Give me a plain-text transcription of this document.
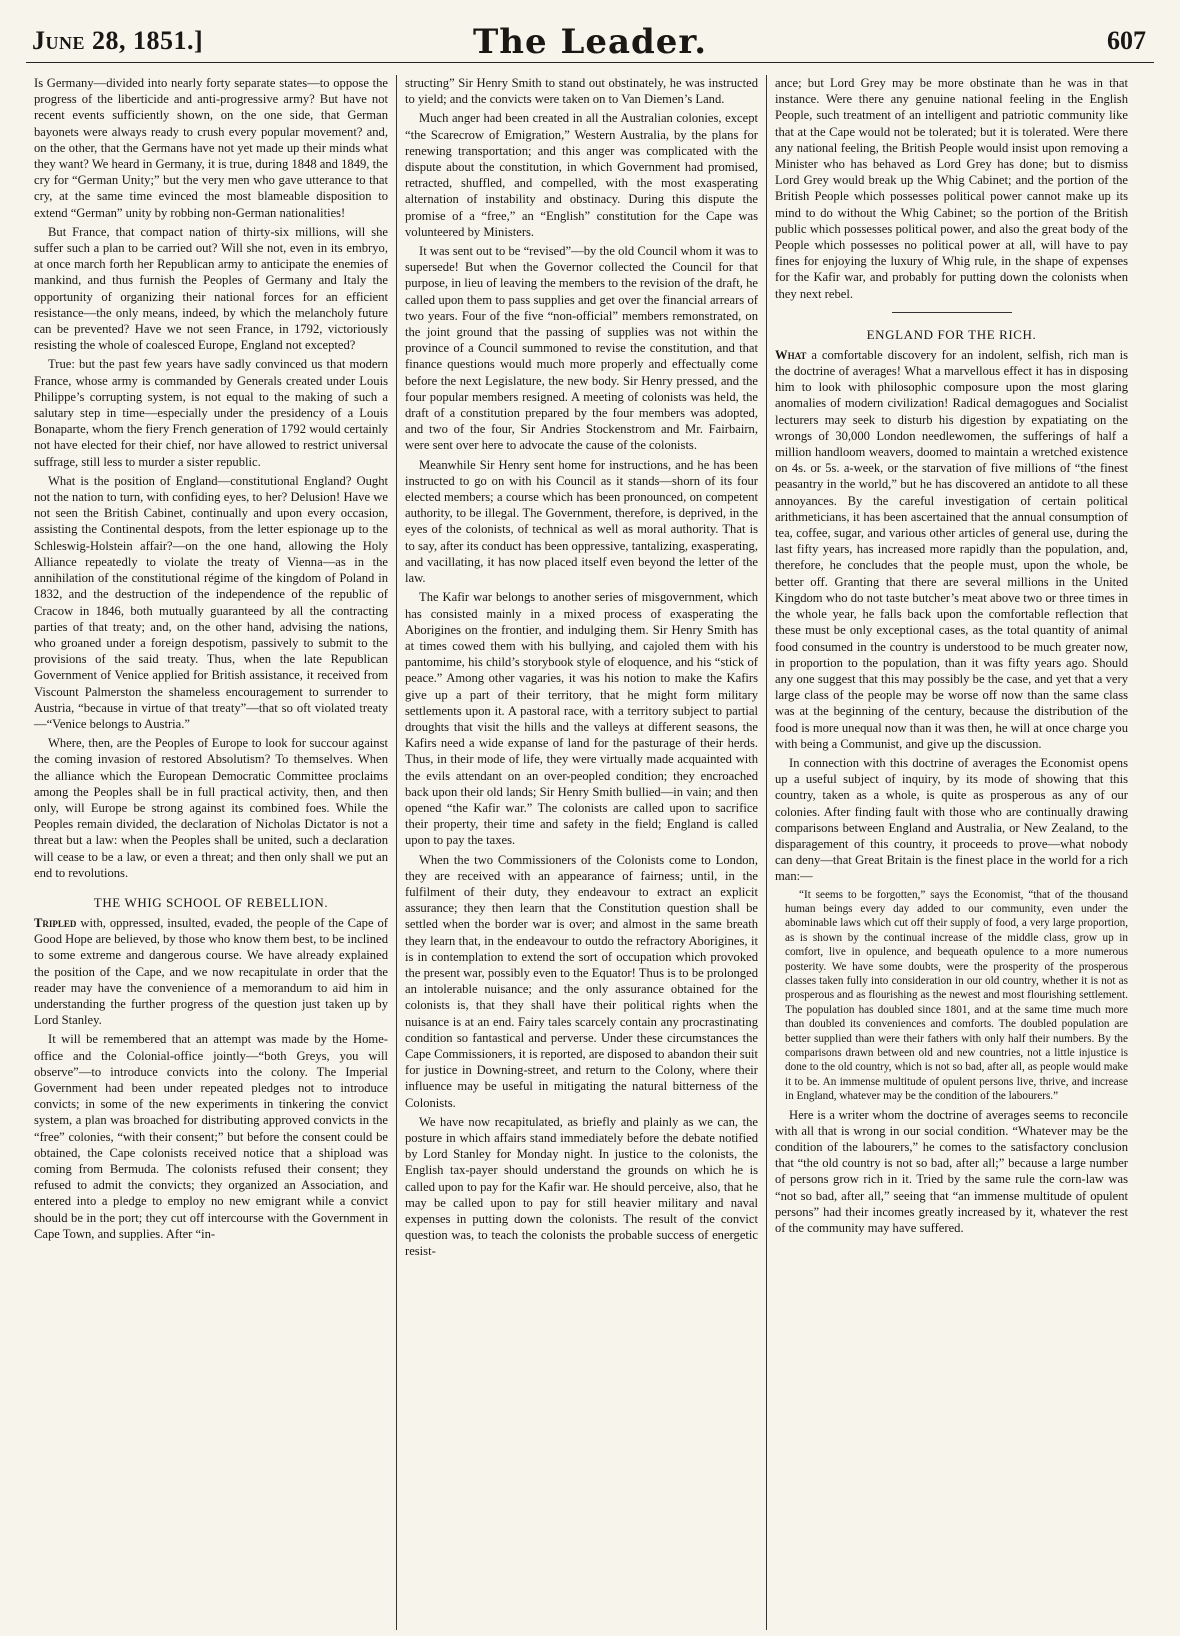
June 28, 1851.]	The Leader.	607

Is Germany—divided into nearly forty separate states—to oppose the progress of the liberticide and anti-progressive army? But have not recent events sufficiently shown, on the one side, that German bayonets were always ready to crush every popular movement? and, on the other, that the Germans have not yet made up their minds what they want? We heard in Germany, it is true, during 1848 and 1849, the cry for “German Unity;” but the very men who gave utterance to that cry, at the same time evinced the most blameable disposition to extend “German” unity by robbing non-German nationalities!

But France, that compact nation of thirty-six millions, will she suffer such a plan to be carried out? Will she not, even in its embryo, at once march forth her Republican army to anticipate the enemies of mankind, and thus furnish the Peoples of Germany and Italy the opportunity of organizing their national forces for an efficient resistance—the only means, indeed, by which the melancholy future can be prevented? Have we not seen France, in 1792, victoriously resisting the whole of coalesced Europe, England not excepted?

True: but the past few years have sadly convinced us that modern France, whose army is commanded by Generals created under Louis Philippe’s corrupting system, is not equal to the making of such a salutary step in time—especially under the presidency of a Louis Bonaparte, whom the fiery French generation of 1792 would certainly not have elected for their chief, nor have allowed to restrict universal suffrage, still less to murder a sister republic.

What is the position of England—constitutional England? Ought not the nation to turn, with confiding eyes, to her? Delusion! Have we not seen the British Cabinet, continually and upon every occasion, assisting the Continental despots, from the letter espionage up to the Schleswig-Holstein affair?—on the one hand, allowing the Holy Alliance repeatedly to violate the treaty of Vienna—as in the annihilation of the constitutional régime of the kingdom of Poland in 1832, and the destruction of the independence of the republic of Cracow in 1846, both mutually guaranteed by all the contracting parties of that treaty; and, on the other hand, advising the nations, who groaned under a foreign despotism, passively to submit to the provisions of the said treaty. Thus, when the late Republican Government of Venice applied for British assistance, it received from Viscount Palmerston the shameless encouragement to surrender to Austria, “because in virtue of that treaty”—that so oft violated treaty—“Venice belongs to Austria.”

Where, then, are the Peoples of Europe to look for succour against the coming invasion of restored Absolutism? To themselves. When the alliance which the European Democratic Committee proclaims among the Peoples shall be in full practical activity, then, and then only, will Europe be strong against its combined foes. While the Peoples remain divided, the declaration of Nicholas Dictator is not a threat but a law: when the Peoples shall be united, such a declaration will cease to be a law, or even a threat; and then only shall we put an end to revolutions.

THE WHIG SCHOOL OF REBELLION.

Tripled with, oppressed, insulted, evaded, the people of the Cape of Good Hope are believed, by those who know them best, to be inclined to some extreme and dangerous course. We have already explained the position of the Cape, and we now recapitulate in order that the reader may have the convenience of a memorandum to aid him in understanding the further progress of the question just taken up by Lord Stanley.

It will be remembered that an attempt was made by the Home-office and the Colonial-office jointly—“both Greys, you will observe”—to introduce convicts into the colony. The Imperial Government had been under repeated pledges not to introduce convicts; in some of the new experiments in tinkering the convict system, a plan was broached for distributing approved convicts in the “free” colonies, “with their consent;” but before the consent could be obtained, the Cape colonists received notice that a shipload was coming from Bermuda. The colonists refused their consent; they refused to admit the convicts; they organized an Association, and entered into a pledge to employ no new emigrant while a convict should be in the port; they cut off intercourse with the Government in Cape Town, and supplies. After “in-

structing” Sir Henry Smith to stand out obstinately, he was instructed to yield; and the convicts were taken on to Van Diemen’s Land.

Much anger had been created in all the Australian colonies, except “the Scarecrow of Emigration,” Western Australia, by the plans for renewing transportation; and this anger was complicated with the dispute about the constitution, in which Government had promised, retracted, shuffled, and compelled, with the most exasperating alternation of instability and obstinacy. During this dispute the promise of a “free,” an “English” constitution for the Cape was volunteered by Ministers.

It was sent out to be “revised”—by the old Council whom it was to supersede! But when the Governor collected the Council for that purpose, in lieu of leaving the members to the revision of the draft, he called upon them to pass supplies and get over the financial arrears of two years. Four of the five “non-official” members remonstrated, on the joint ground that the passing of supplies was not within the province of a Council summoned to revise the constitution, and that finance questions would much more properly and effectually come before the next Legislature, the new body. Sir Henry pressed, and the four popular members resigned. A meeting of colonists was held, the draft of a constitution prepared by the four members was adopted, and two of the four, Sir Andries Stockenstrom and Mr. Fairbairn, were sent over here to advocate the cause of the colonists.

Meanwhile Sir Henry sent home for instructions, and he has been instructed to go on with his Council as it stands—shorn of its four elected members; a course which has been pronounced, on competent authority, to be illegal. The Government, therefore, is deprived, in the eyes of the colonists, of technical as well as moral authority. That is to say, after its conduct has been oppressive, tantalizing, exasperating, and vacillating, it has now placed itself even beyond the letter of the law.

The Kafir war belongs to another series of misgovernment, which has consisted mainly in a mixed process of exasperating the Aborigines on the frontier, and indulging them. Sir Henry Smith has at times cowed them with his bullying, and cajoled them with his pantomime, his child’s storybook style of eloquence, and his “stick of peace.” Among other vagaries, it was his notion to make the Kafirs give up a part of their territory, that he might form military settlements upon it. A pastoral race, with a territory subject to partial droughts that visit the hills and the valleys at different seasons, the Kafirs need a wide expanse of land for the pasturage of their herds. Thus, in their mode of life, they were virtually made acquainted with the evils attendant on an over-peopled condition; they encroached back upon their old lands; Sir Henry Smith bullied—in vain; and then opened “the Kafir war.” The colonists are called upon to sacrifice their property, their time and safety in the field; England is called upon to pay the taxes.

When the two Commissioners of the Colonists come to London, they are received with an appearance of fairness; until, in the fulfilment of their duty, they endeavour to extract an explicit assurance; they then learn that the Constitution question shall be settled when the border war is over; and almost in the same breath they learn that, in the endeavour to outdo the refractory Aborigines, it is in contemplation to extend the sort of occupation which provoked the present war, possibly even to the Equator! Thus is to be prolonged an intolerable nuisance; and the only assurance obtained for the colonists is, that they shall have their political rights when the nuisance is at an end. Fairy tales scarcely contain any procrastinating condition so fantastical and perverse. Under these circumstances the Cape Commissioners, it is reported, are disposed to abandon their suit for justice in Downing-street, and return to the Colony, where their influence may be useful in mitigating the natural bitterness of the Colonists.

We have now recapitulated, as briefly and plainly as we can, the posture in which affairs stand immediately before the debate notified by Lord Stanley for Monday night. In justice to the colonists, the English tax-payer should understand the grounds on which he is called upon to pay for the Kafir war. He should perceive, also, that he may be called upon to pay for still heavier military and naval expenses in putting down the colonists. The result of the convict question was, to teach the colonists the probable success of energetic resist-

ance; but Lord Grey may be more obstinate than he was in that instance. Were there any genuine national feeling in the English People, such treatment of an intelligent and patriotic community like that at the Cape would not be tolerated; but it is tolerated. Were there any national feeling, the British People would insist upon removing a Minister who has behaved as Lord Grey has done; but to dismiss Lord Grey would break up the Whig Cabinet; and the portion of the British People which possesses political power cannot make up its mind to do without the Whig Cabinet; so the portion of the British public which possesses political power, and also the great body of the People which possesses no political power at all, will have to pay fines for enjoying the luxury of Whig rule, in the shape of expenses for the Kafir war, and probably for putting down the colonists when they next rebel.

ENGLAND FOR THE RICH.

What a comfortable discovery for an indolent, selfish, rich man is the doctrine of averages! What a marvellous effect it has in disposing him to look with philosophic composure upon the most glaring anomalies of modern civilization! Radical demagogues and Socialist lecturers may seek to disturb his digestion by expatiating on the wrongs of 30,000 London needlewomen, the sufferings of half a million handloom weavers, doomed to maintain a wretched existence on 4s. or 5s. a-week, or the starvation of five millions of “the finest peasantry in the world,” but he has discovered an antidote to all these annoyances. By the careful investigation of certain political arithmeticians, it has been ascertained that the annual consumption of tea, coffee, sugar, and various other articles of general use, during the last fifty years, has increased more rapidly than the population, and, therefore, he concludes that the people must, upon the whole, be better off. Granting that there are several millions in the United Kingdom who do not taste butcher’s meat above two or three times in the whole year, he falls back upon the comfortable reflection that these must be only exceptional cases, as the total quantity of animal food consumed in the country is understood to be much greater now, in proportion to the population, than it was fifty years ago. Should any one suggest that this may possibly be the case, and yet that a very large class of the people may be worse off now than the same class was at the beginning of the century, because the distribution of the food is more unequal now than it was then, he will at once charge you with being a Communist, and give up the discussion.

In connection with this doctrine of averages the Economist opens up a useful subject of inquiry, by its mode of showing that this country, taken as a whole, is quite as prosperous as any of our colonies. After finding fault with those who are continually drawing comparisons between England and Australia, or New Zealand, to the disparagement of this country, it proceeds to prove—what nobody can deny—that Great Britain is the finest place in the world for a rich man:—

“It seems to be forgotten,” says the Economist, “that of the thousand human beings every day added to our community, even under the abominable laws which cut off their supply of food, a very large proportion, as is shown by the continual increase of the middle class, grow up in comfort, live in opulence, and bequeath opulence to a more numerous posterity. We have some doubts, were the prosperity of the prosperous classes taken fully into consideration in our old country, whether it is not as prosperous and as flourishing as the newest and most flourishing settlement. The population has doubled since 1801, and at the same time much more than doubled its conveniences and comforts. The doubled population are better supplied than were their fathers with only half their numbers. By the comparisons drawn between old and new countries, not a little injustice is done to the old country, which is not so bad, after all, as people would make it to be. An immense multitude of opulent persons live, thrive, and increase in England, whatever may be the condition of the labourers.”

Here is a writer whom the doctrine of averages seems to reconcile with all that is wrong in our social condition. “Whatever may be the condition of the labourers,” he comes to the satisfactory conclusion that “the old country is not so bad, after all;” because a large number of persons grow rich in it. Tried by the same rule the corn-law was “not so bad, after all,” seeing that “an immense multitude of opulent persons” had their incomes greatly increased by it, whatever the rest of the community may have suffered.
